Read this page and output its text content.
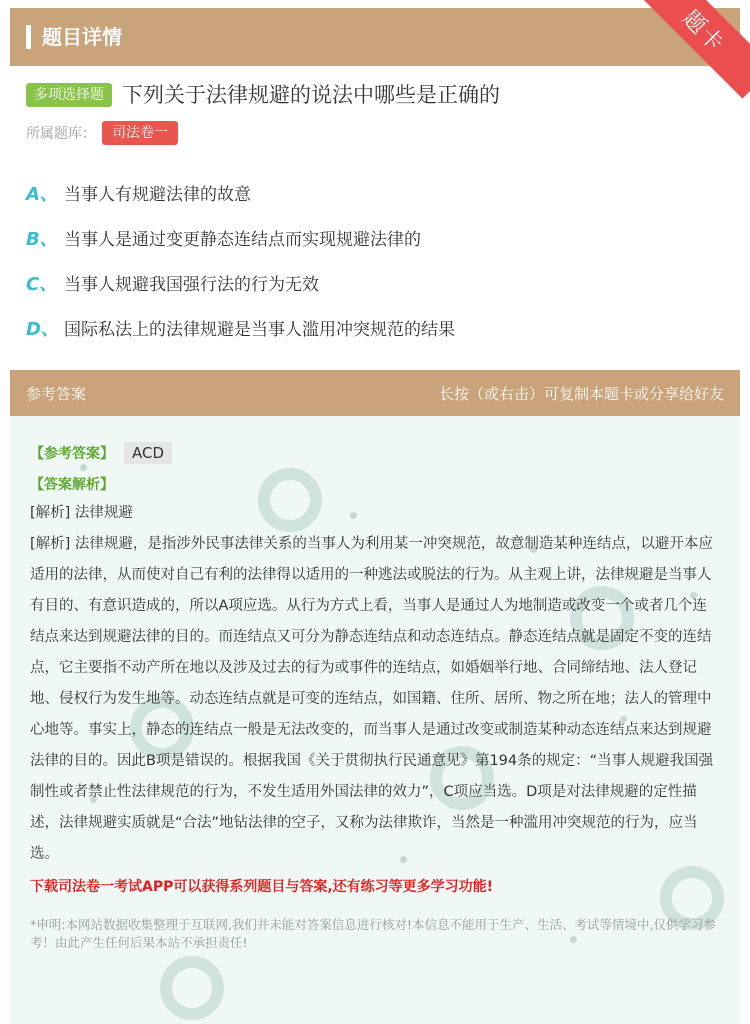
题目详情	题卡
多项选择题 下列关于法律规避的说法中哪些是正确的
所属题库：	司法卷一
A、 当事人有规避法律的故意
B、 当事人是通过变更静态连结点而实现规避法律的
C、 当事人规避我国强行法的行为无效
D、 国际私法上的法律规避是当事人滥用冲突规范的结果
参考答案	长按（或右击）可复制本题卡或分享给好友
【参考答案】	ACD
【答案解析】
[解析] 法律规避
[解析] 法律规避，是指涉外民事法律关系的当事人为利用某一冲突规范，故意制造某种连结点，以避开本应适用的法律，从而使对自己有利的法律得以适用的一种逃法或脱法的行为。从主观上讲，法律规避是当事人有目的、有意识造成的，所以A项应选。从行为方式上看，当事人是通过人为地制造或改变一个或者几个连结点来达到规避法律的目的。而连结点又可分为静态连结点和动态连结点。静态连结点就是固定不变的连结点，它主要指不动产所在地以及涉及过去的行为或事件的连结点，如婚姻举行地、合同缔结地、法人登记地、侵权行为发生地等。动态连结点就是可变的连结点，如国籍、住所、居所、物之所在地；法人的管理中心地等。事实上，静态的连结点一般是无法改变的，而当事人是通过改变或制造某种动态连结点来达到规避法律的目的。因此B项是错误的。根据我国《关于贯彻执行民通意见》第194条的规定：“当事人规避我国强制性或者禁止性法律规范的行为，不发生适用外国法律的效力”，C项应当选。D项是对法律规避的定性描述，法律规避实质就是“合法”地钻法律的空子，又称为法律欺诈，当然是一种滥用冲突规范的行为，应当选。
下载司法卷一考试APP可以获得系列题目与答案,还有练习等更多学习功能!
*申明:本网站数据收集整理于互联网,我们并未能对答案信息进行核对!本信息不能用于生产、生活、考试等情境中,仅供学习参考！由此产生任何后果本站不承担责任!
